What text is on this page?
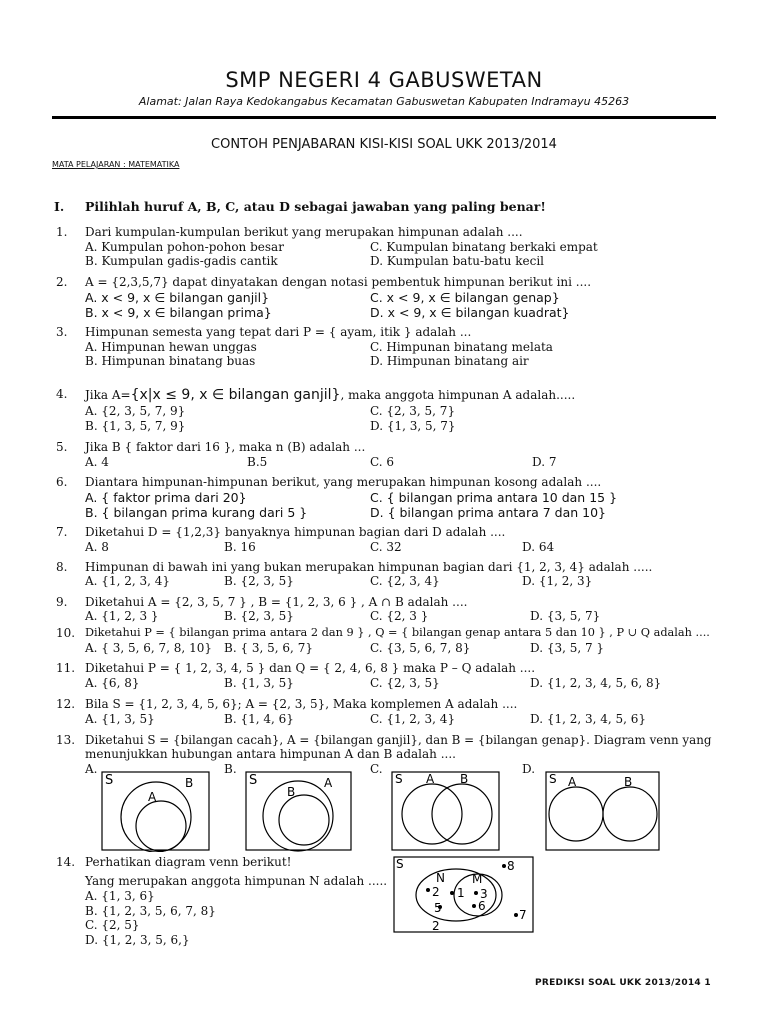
SMP NEGERI 4 GABUSWETAN
Alamat: Jalan Raya Kedokangabus Kecamatan Gabuswetan Kabupaten Indramayu 45263
CONTOH PENJABARAN KISI-KISI SOAL UKK 2013/2014
MATA PELAJARAN : MATEMATIKA
I. Pilihlah huruf A, B, C, atau D sebagai jawaban yang paling benar!
1. Dari kumpulan-kumpulan berikut yang merupakan himpunan adalah ....
A. Kumpulan pohon-pohon besar	C. Kumpulan binatang berkaki empat
B. Kumpulan gadis-gadis cantik	D. Kumpulan batu-batu kecil
2. A = {2,3,5,7} dapat dinyatakan dengan notasi pembentuk himpunan berikut ini ....
A. x < 9, x ∈ bilangan ganjil}	C. x < 9, x ∈ bilangan genap}
B. x < 9, x ∈ bilangan prima}	D. x < 9, x ∈ bilangan kuadrat}
3. Himpunan semesta yang tepat dari P = { ayam, itik } adalah ...
A. Himpunan hewan unggas	C. Himpunan binatang melata
B. Himpunan binatang buas	D. Himpunan binatang air
4. Jika A={x|x ≤ 9, x ∈ bilangan ganjil}, maka anggota himpunan A adalah.....
A. {2, 3, 5, 7, 9}	C. {2, 3, 5, 7}
B. {1, 3, 5, 7, 9}	D. {1, 3, 5, 7}
5. Jika B { faktor dari 16 }, maka n (B) adalah ...
A. 4	B.5	C. 6	D. 7
6. Diantara himpunan-himpunan berikut, yang merupakan himpunan kosong adalah ....
A. { faktor prima dari 20}	C. { bilangan prima antara 10 dan 15 }
B. { bilangan prima kurang dari 5 }	D. { bilangan prima antara 7 dan 10}
7. Diketahui D = {1,2,3} banyaknya himpunan bagian dari D adalah ....
A. 8	B. 16	C. 32	D. 64
8. Himpunan di bawah ini yang bukan merupakan himpunan bagian dari {1, 2, 3, 4} adalah .....
A. {1, 2, 3, 4}	B. {2, 3, 5}	C. {2, 3, 4}	D. {1, 2, 3}
9. Diketahui A = {2, 3, 5, 7 } , B = {1, 2, 3, 6 } , A ∩ B adalah ....
A. {1, 2, 3 }	B. {2, 3, 5}	C. {2, 3 }	D. {3, 5, 7}
10. Diketahui P = { bilangan prima antara 2 dan 9 } , Q = { bilangan genap antara 5 dan 10 } , P ∪ Q adalah ....
A. { 3, 5, 6, 7, 8, 10} B. { 3, 5, 6, 7}	C. {3, 5, 6, 7, 8}	D. {3, 5, 7 }
11. Diketahui P = { 1, 2, 3, 4, 5 } dan Q = { 2, 4, 6, 8 } maka P – Q adalah ....
A. {6, 8}	B. {1, 3, 5}	C. {2, 3, 5}	D. {1, 2, 3, 4, 5, 6, 8}
12. Bila S = {1, 2, 3, 4, 5, 6}; A = {2, 3, 5}, Maka komplemen A adalah ....
A. {1, 3, 5}	B. {1, 4, 6}	C. {1, 2, 3, 4}	D. {1, 2, 3, 4, 5, 6}
13. Diketahui S = {bilangan cacah}, A = {bilangan ganjil}, dan B = {bilangan genap}. Diagram venn yang
menunjukkan hubungan antara himpunan A dan B adalah ....
A.	B.	C.	D.
S	B
A
S	A
B
S A B	S A	B
14. Perhatikan diagram venn berikut!
Yang merupakan anggota himpunan N adalah .....
A. {1, 3, 6}
B. {1, 2, 3, 5, 6, 7, 8}
C. {2, 5}
D. {1, 2, 3, 5, 6,}
S
N M
8
2 1 3
5	6
7
2
PREDIKSI SOAL UKK 2013/2014 1
